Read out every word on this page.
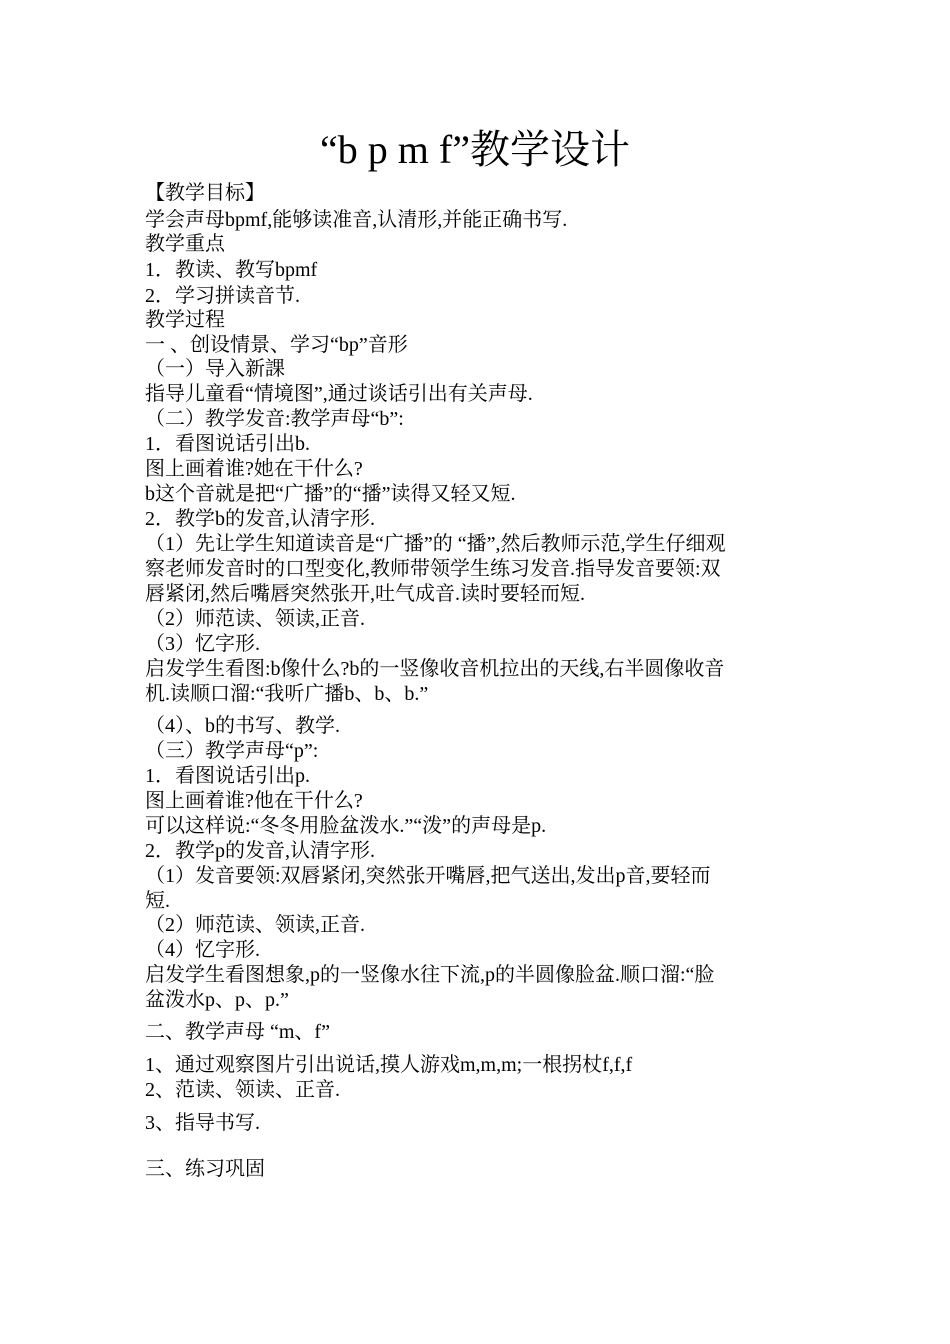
“b p m f”教学设计
【教学目标】
学会声母bpmf,能够读准音,认清形,并能正确书写.
教学重点
1．教读、教写bpmf
2．学习拼读音节.
教学过程
一 、创设情景、学习“bp”音形
（一）导入新課
指导儿童看“情境图”,通过谈话引出有关声母.
（二）教学发音:教学声母“b”:
1．看图说话引出b.
图上画着谁?她在干什么?
b这个音就是把“广播”的“播”读得又轻又短.
2．教学b的发音,认清字形.
（1）先让学生知道读音是“广播”的 “播”,然后教师示范,学生仔细观
察老师发音时的口型变化,教师带领学生练习发音.指导发音要领:双
唇紧闭,然后嘴唇突然张开,吐气成音.读时要轻而短.
（2）师范读、领读,正音.
（3）忆字形.
启发学生看图:b像什么?b的一竖像收音机拉出的天线,右半圆像收音
机.读顺口溜:“我听广播b、b、b.”
（4）、b的书写、教学.
（三）教学声母“p”:
1．看图说话引出p.
图上画着谁?他在干什么?
可以这样说:“冬冬用脸盆泼水.”“泼”的声母是p.
2．教学p的发音,认清字形.
（1）发音要领:双唇紧闭,突然张开嘴唇,把气送出,发出p音,要轻而
短.
（2）师范读、领读,正音.
（4）忆字形.
启发学生看图想象,p的一竖像水往下流,p的半圆像脸盆.顺口溜:“脸
盆泼水p、p、p.”
二、教学声母 “m、f”
1、通过观察图片引出说话,摸人游戏m,m,m;一根拐杖f,f,f
2、范读、领读、正音.
3、指导书写.
三、练习巩固
